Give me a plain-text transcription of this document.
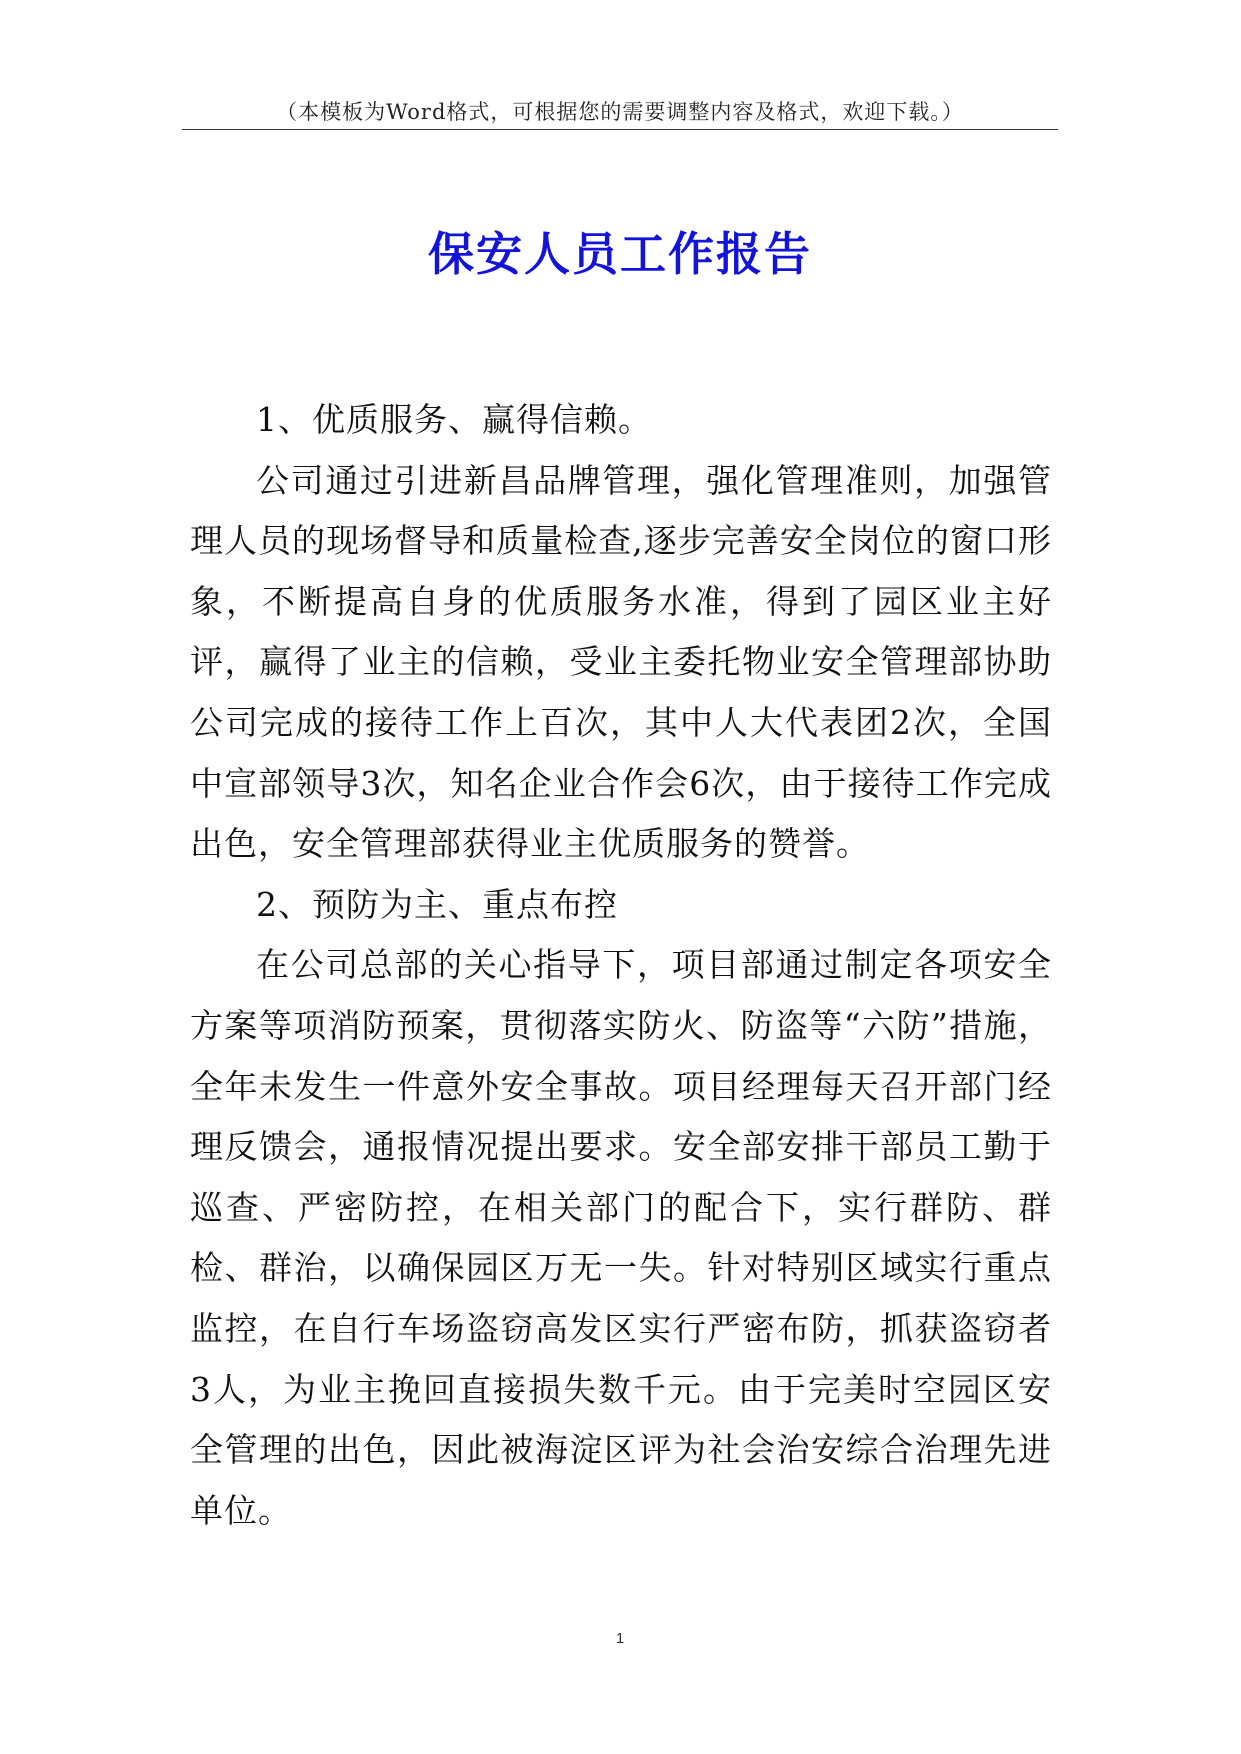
（本模板为Word格式，可根据您的需要调整内容及格式，欢迎下载。）
保安人员工作报告

1、优质服务、赢得信赖。

公司通过引进新昌品牌管理，强化管理准则，加强管理人员的现场督导和质量检查,逐步完善安全岗位的窗口形象，不断提高自身的优质服务水准，得到了园区业主好评，赢得了业主的信赖，受业主委托物业安全管理部协助公司完成的接待工作上百次，其中人大代表团2次，全国中宣部领导3次，知名企业合作会6次，由于接待工作完成出色，安全管理部获得业主优质服务的赞誉。

2、预防为主、重点布控

在公司总部的关心指导下，项目部通过制定各项安全方案等项消防预案，贯彻落实防火、防盗等“六防”措施，全年未发生一件意外安全事故。项目经理每天召开部门经理反馈会，通报情况提出要求。安全部安排干部员工勤于巡查、严密防控，在相关部门的配合下，实行群防、群检、群治，以确保园区万无一失。针对特别区域实行重点监控，在自行车场盗窃高发区实行严密布防，抓获盗窃者3人，为业主挽回直接损失数千元。由于完美时空园区安全管理的出色，因此被海淀区评为社会治安综合治理先进单位。

1
